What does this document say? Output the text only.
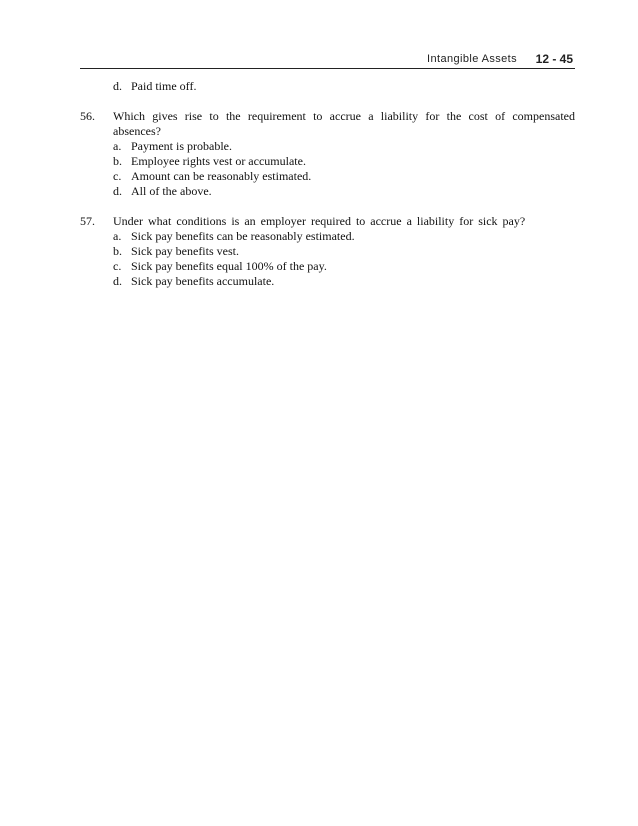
Intangible Assets 12 - 45
d. Paid time off.
56. Which gives rise to the requirement to accrue a liability for the cost of compensated absences?
a. Payment is probable.
b. Employee rights vest or accumulate.
c. Amount can be reasonably estimated.
d. All of the above.
57. Under what conditions is an employer required to accrue a liability for sick pay?
a. Sick pay benefits can be reasonably estimated.
b. Sick pay benefits vest.
c. Sick pay benefits equal 100% of the pay.
d. Sick pay benefits accumulate.
